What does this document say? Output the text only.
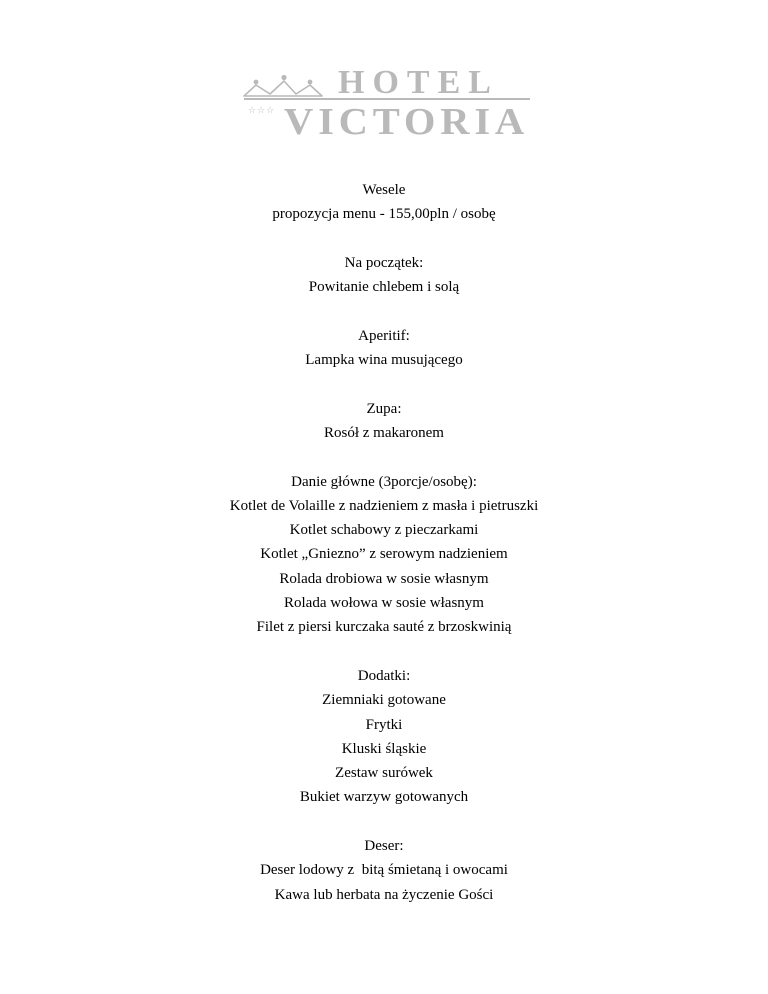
☆☆☆
HOTEL
VICTORIA
Wesele
propozycja menu - 155,00pln / osobę
Na początek:
Powitanie chlebem i solą
Aperitif:
Lampka wina musującego
Zupa:
Rosół z makaronem
Danie główne (3porcje/osobę):
Kotlet de Volaille z nadzieniem z masła i pietruszki
Kotlet schabowy z pieczarkami
Kotlet „Gniezno” z serowym nadzieniem
Rolada drobiowa w sosie własnym
Rolada wołowa w sosie własnym
Filet z piersi kurczaka sauté z brzoskwinią
Dodatki:
Ziemniaki gotowane
Frytki
Kluski śląskie
Zestaw surówek
Bukiet warzyw gotowanych
Deser:
Deser lodowy z  bitą śmietaną i owocami
Kawa lub herbata na życzenie Gości
